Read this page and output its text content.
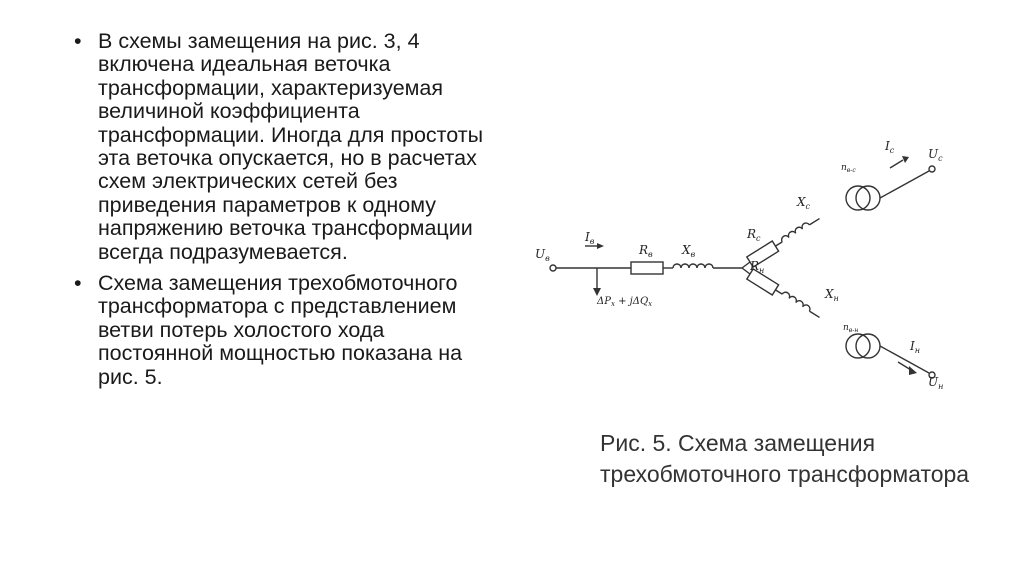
• В схемы замещения на рис. 3, 4 включена идеальная веточка трансформации, характеризуемая величиной коэффициента трансформации. Иногда для простоты эта веточка опускается, но в расчетах схем электрических сетей без приведения параметров к одному напряжению веточка трансформации всегда подразумевается.
• Схема замещения трехобмоточного трансформатора с представлением ветви потерь холостого хода постоянной мощностью показана на рис. 5.
$U_в$
$I_в$
$R_в$ $X_в$
$\Delta P_x + j\Delta Q_x$
$R_с$
$X_с$
$R_н$
$X_н$
$n_{в-с}$
$n_{в-н}$
$I_с$	$U_с$
$I_н$
$U_н$
Рис. 5. Схема замещения трехобмоточного трансформатора
